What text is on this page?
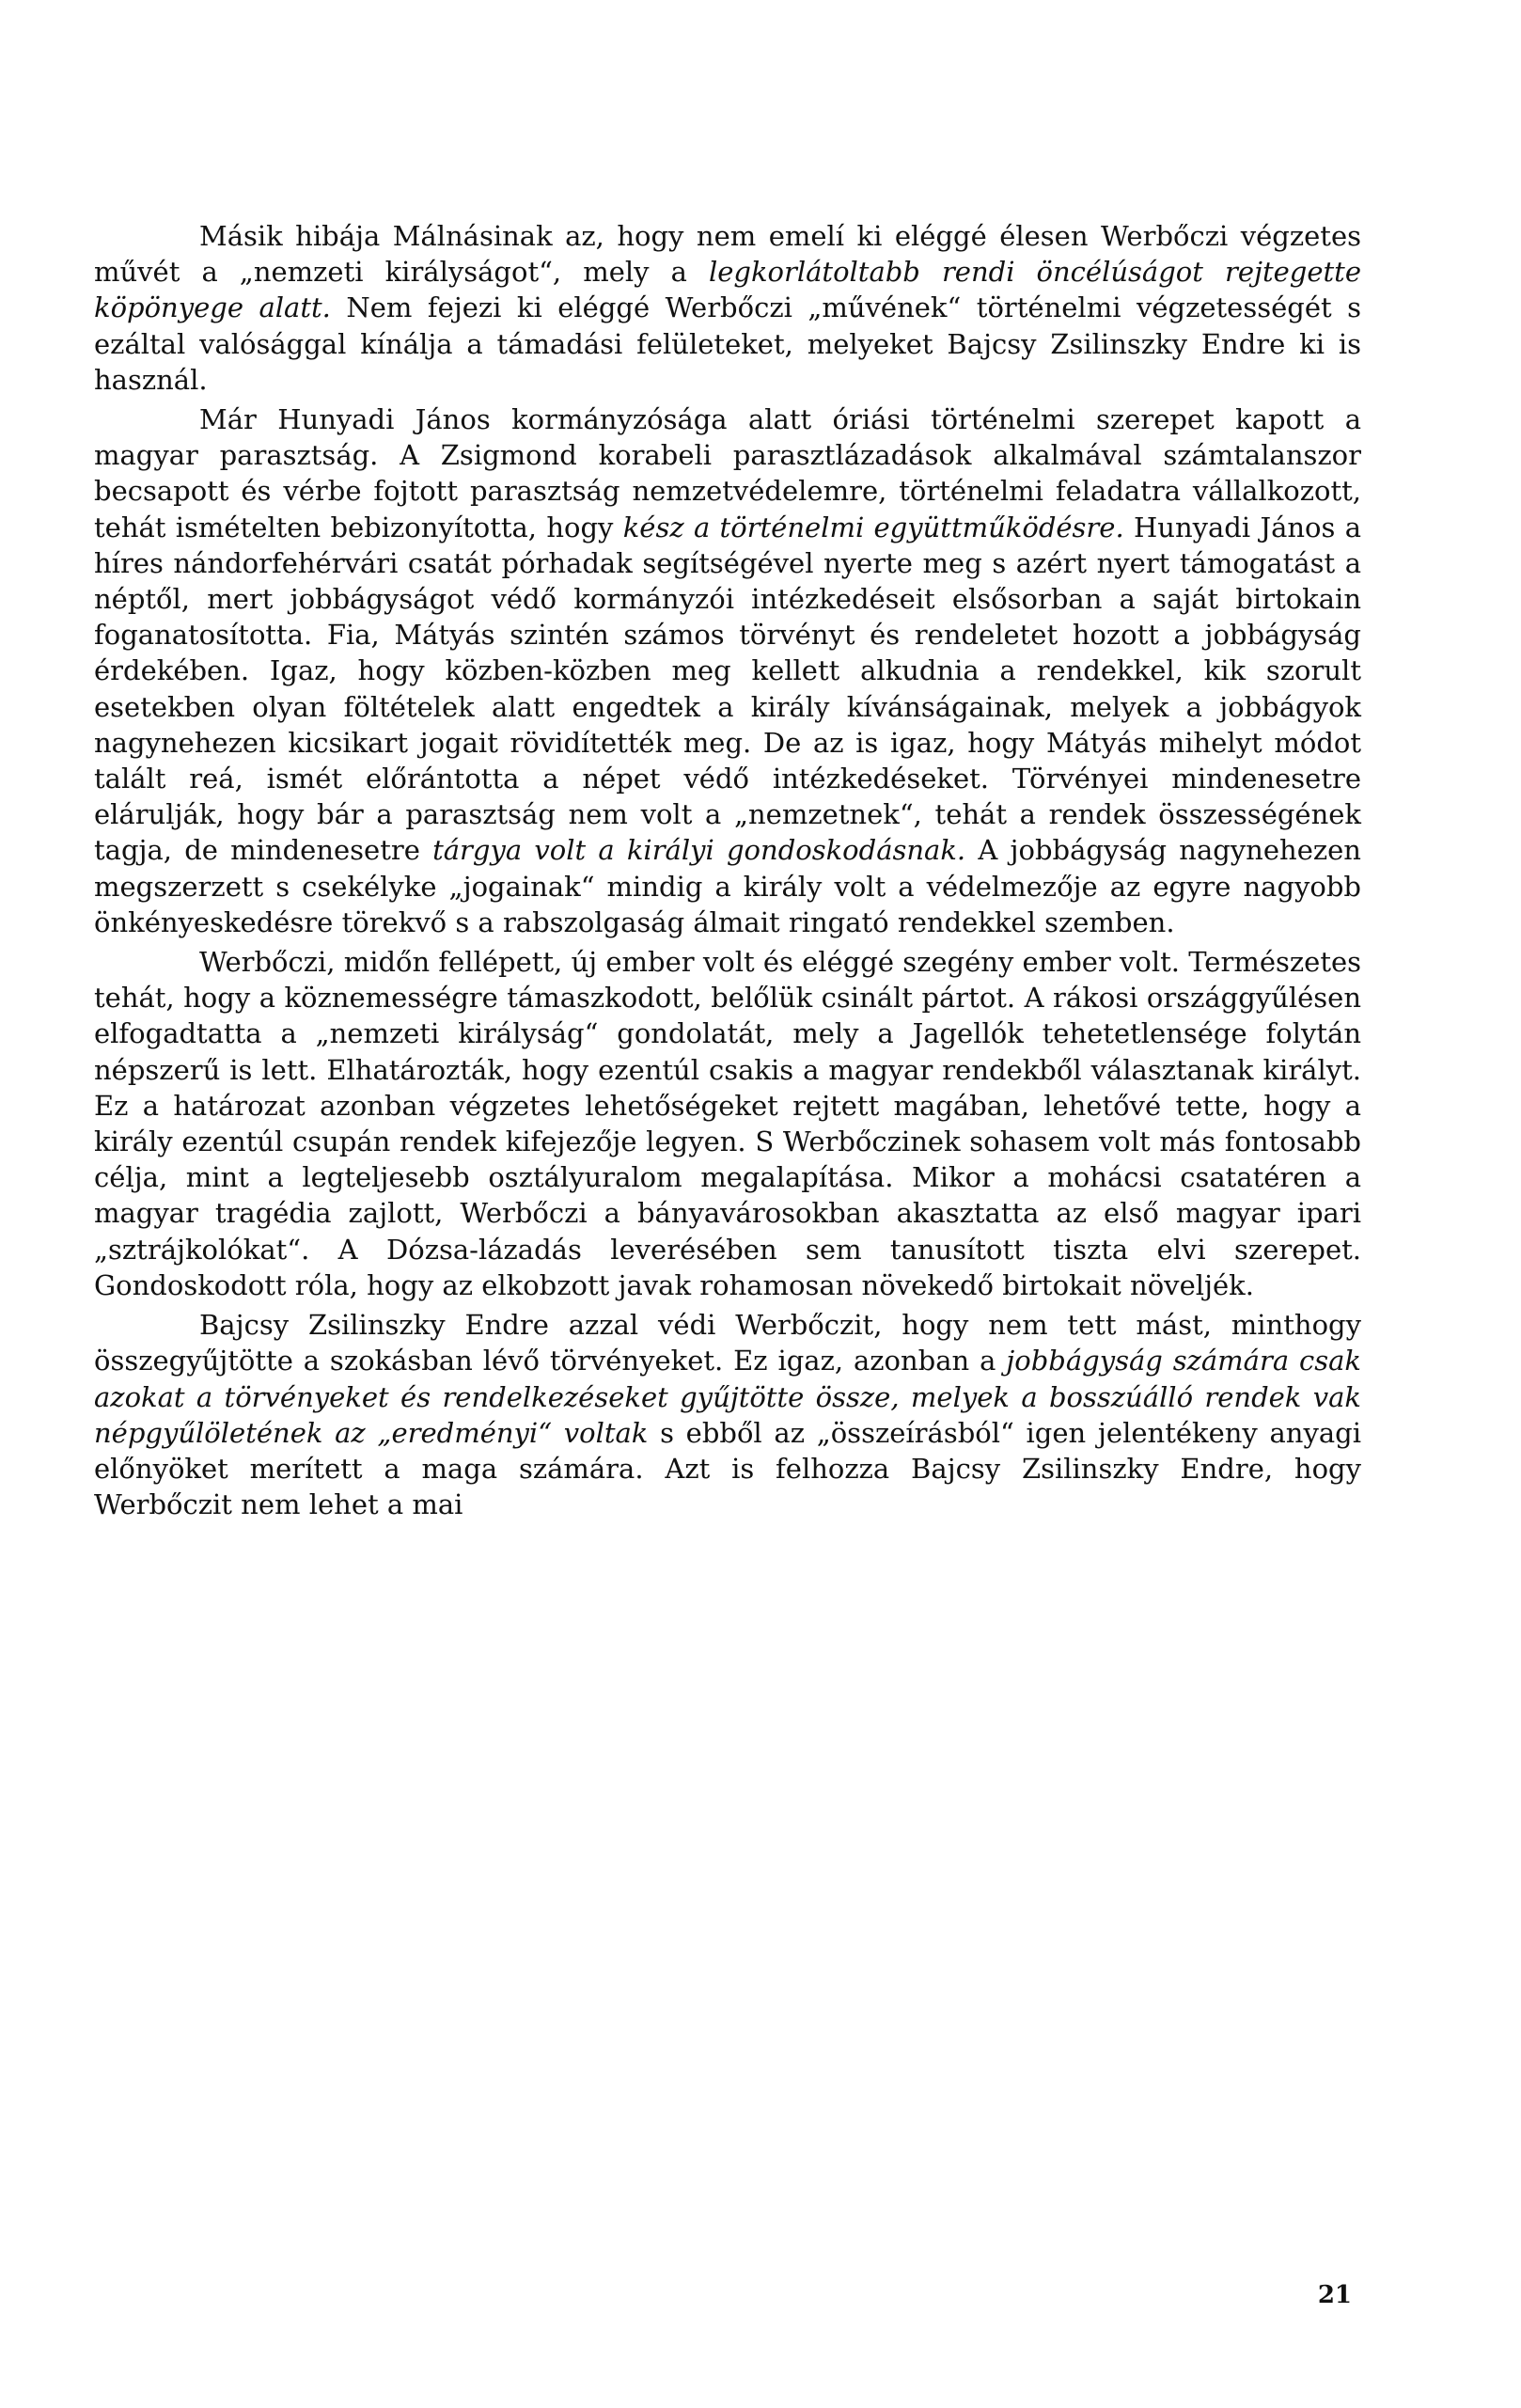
Másik hibája Málnásinak az, hogy nem emelí ki eléggé élesen Werbőczi végzetes művét a „nemzeti királyságot“, mely a legkorlátoltabb rendi öncélúságot rejtegette köpönyege alatt. Nem fejezi ki eléggé Werbőczi „művének“ történelmi végzetességét s ezáltal valósággal kínálja a támadási felületeket, melyeket Bajcsy Zsilinszky Endre ki is használ.

Már Hunyadi János kormányzósága alatt óriási történelmi szerepet kapott a magyar parasztság. A Zsigmond korabeli parasztlázadások alkalmával számtalanszor becsapott és vérbe fojtott parasztság nemzetvédelemre, történelmi feladatra vállalkozott, tehát ismételten bebizonyította, hogy kész a történelmi együttműködésre. Hunyadi János a híres nándorfehérvári csatát pórhadak segítségével nyerte meg s azért nyert támogatást a néptől, mert jobbágyságot védő kormányzói intézkedéseit elsősorban a saját birtokain foganatosította. Fia, Mátyás szintén számos törvényt és rendeletet hozott a jobbágyság érdekében. Igaz, hogy közben-közben meg kellett alkudnia a rendekkel, kik szorult esetekben olyan föltételek alatt engedtek a király kívánságainak, melyek a jobbágyok nagynehezen kicsikart jogait rövidítették meg. De az is igaz, hogy Mátyás mihelyt módot talált reá, ismét előrántotta a népet védő intézkedéseket. Törvényei mindenesetre elárulják, hogy bár a parasztság nem volt a „nemzetnek“, tehát a rendek összességének tagja, de mindenesetre tárgya volt a királyi gondoskodásnak. A jobbágyság nagynehezen megszerzett s csekélyke „jogainak“ mindig a király volt a védelmezője az egyre nagyobb önkényeskedésre törekvő s a rabszolgaság álmait ringató rendekkel szemben.

Werbőczi, midőn fellépett, új ember volt és eléggé szegény ember volt. Természetes tehát, hogy a köznemességre támaszkodott, belőlük csinált pártot. A rákosi országgyűlésen elfogadtatta a „nemzeti királyság“ gondolatát, mely a Jagellók tehetetlensége folytán népszerű is lett. Elhatározták, hogy ezentúl csakis a magyar rendekből választanak királyt. Ez a határozat azonban végzetes lehetőségeket rejtett magában, lehetővé tette, hogy a király ezentúl csupán rendek kifejezője legyen. S Werbőczinek sohasem volt más fontosabb célja, mint a legteljesebb osztályuralom megalapítása. Mikor a mohácsi csatatéren a magyar tragédia zajlott, Werbőczi a bányavárosokban akasztatta az első magyar ipari „sztrájkolókat“. A Dózsa-lázadás leverésében sem tanusított tiszta elvi szerepet. Gondoskodott róla, hogy az elkobzott javak rohamosan növekedő birtokait növeljék.

Bajcsy Zsilinszky Endre azzal védi Werbőczit, hogy nem tett mást, minthogy összegyűjtötte a szokásban lévő törvényeket. Ez igaz, azonban a jobbágyság számára csak azokat a törvényeket és rendelkezéseket gyűjtötte össze, melyek a bosszúálló rendek vak népgyűlöletének az „eredményi“ voltak s ebből az „összeírásból“ igen jelentékeny anyagi előnyöket merített a maga számára. Azt is felhozza Bajcsy Zsilinszky Endre, hogy Werbőczit nem lehet a mai

21
